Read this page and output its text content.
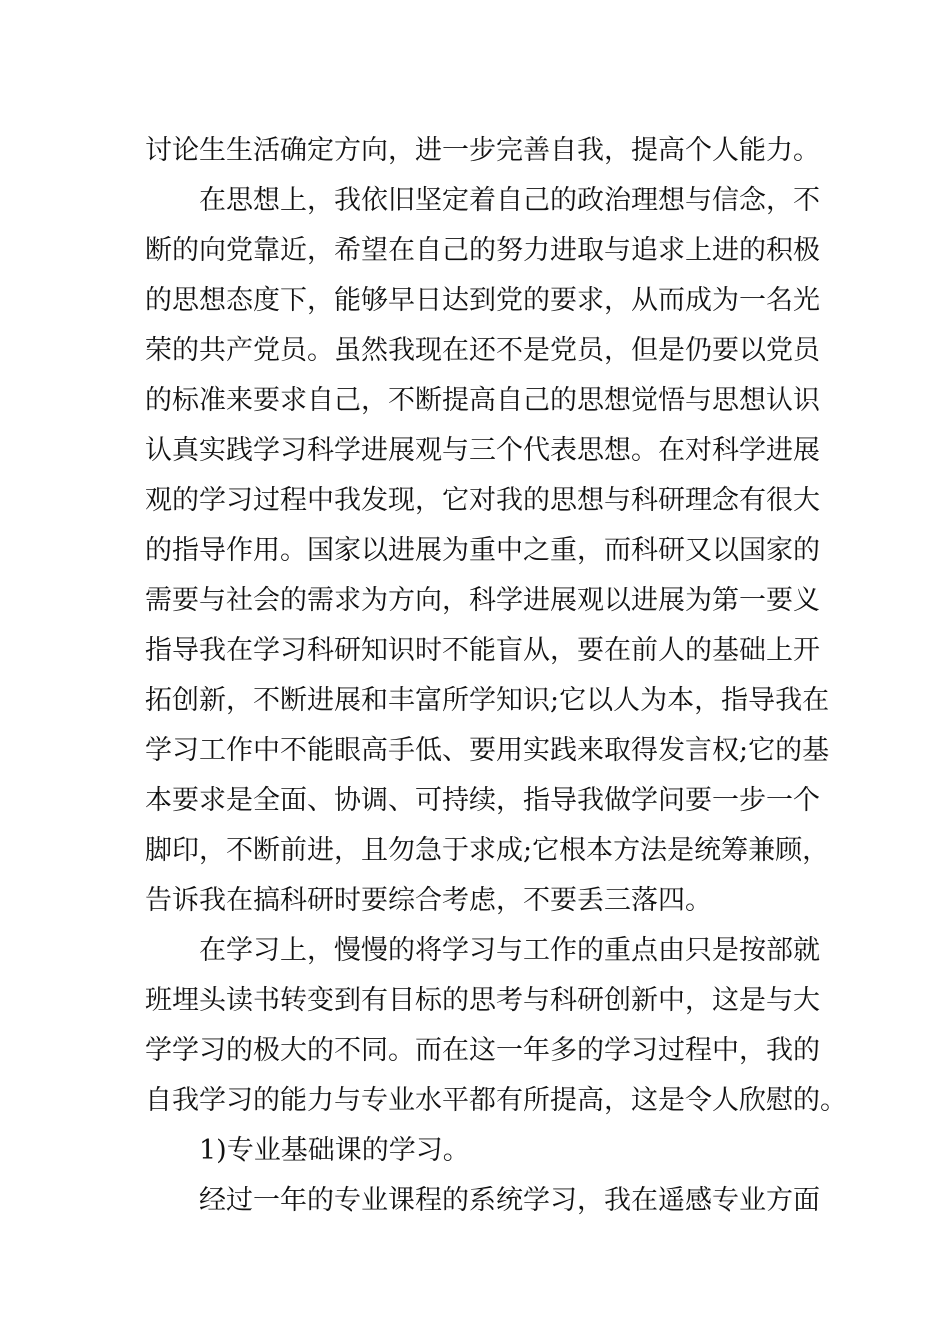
讨论生生活确定方向，进一步完善自我，提高个人能力。
在思想上，我依旧坚定着自己的政治理想与信念，不
断的向党靠近，希望在自己的努力进取与追求上进的积极
的思想态度下，能够早日达到党的要求，从而成为一名光
荣的共产党员。虽然我现在还不是党员，但是仍要以党员
的标准来要求自己，不断提高自己的思想觉悟与思想认识
认真实践学习科学进展观与三个代表思想。在对科学进展
观的学习过程中我发现，它对我的思想与科研理念有很大
的指导作用。国家以进展为重中之重，而科研又以国家的
需要与社会的需求为方向，科学进展观以进展为第一要义
指导我在学习科研知识时不能盲从，要在前人的基础上开
拓创新，不断进展和丰富所学知识;它以人为本，指导我在
学习工作中不能眼高手低、要用实践来取得发言权;它的基
本要求是全面、协调、可持续，指导我做学问要一步一个
脚印，不断前进，且勿急于求成;它根本方法是统筹兼顾，
告诉我在搞科研时要综合考虑，不要丢三落四。
在学习上，慢慢的将学习与工作的重点由只是按部就
班埋头读书转变到有目标的思考与科研创新中，这是与大
学学习的极大的不同。而在这一年多的学习过程中，我的
自我学习的能力与专业水平都有所提高，这是令人欣慰的。
1)专业基础课的学习。
经过一年的专业课程的系统学习，我在遥感专业方面
